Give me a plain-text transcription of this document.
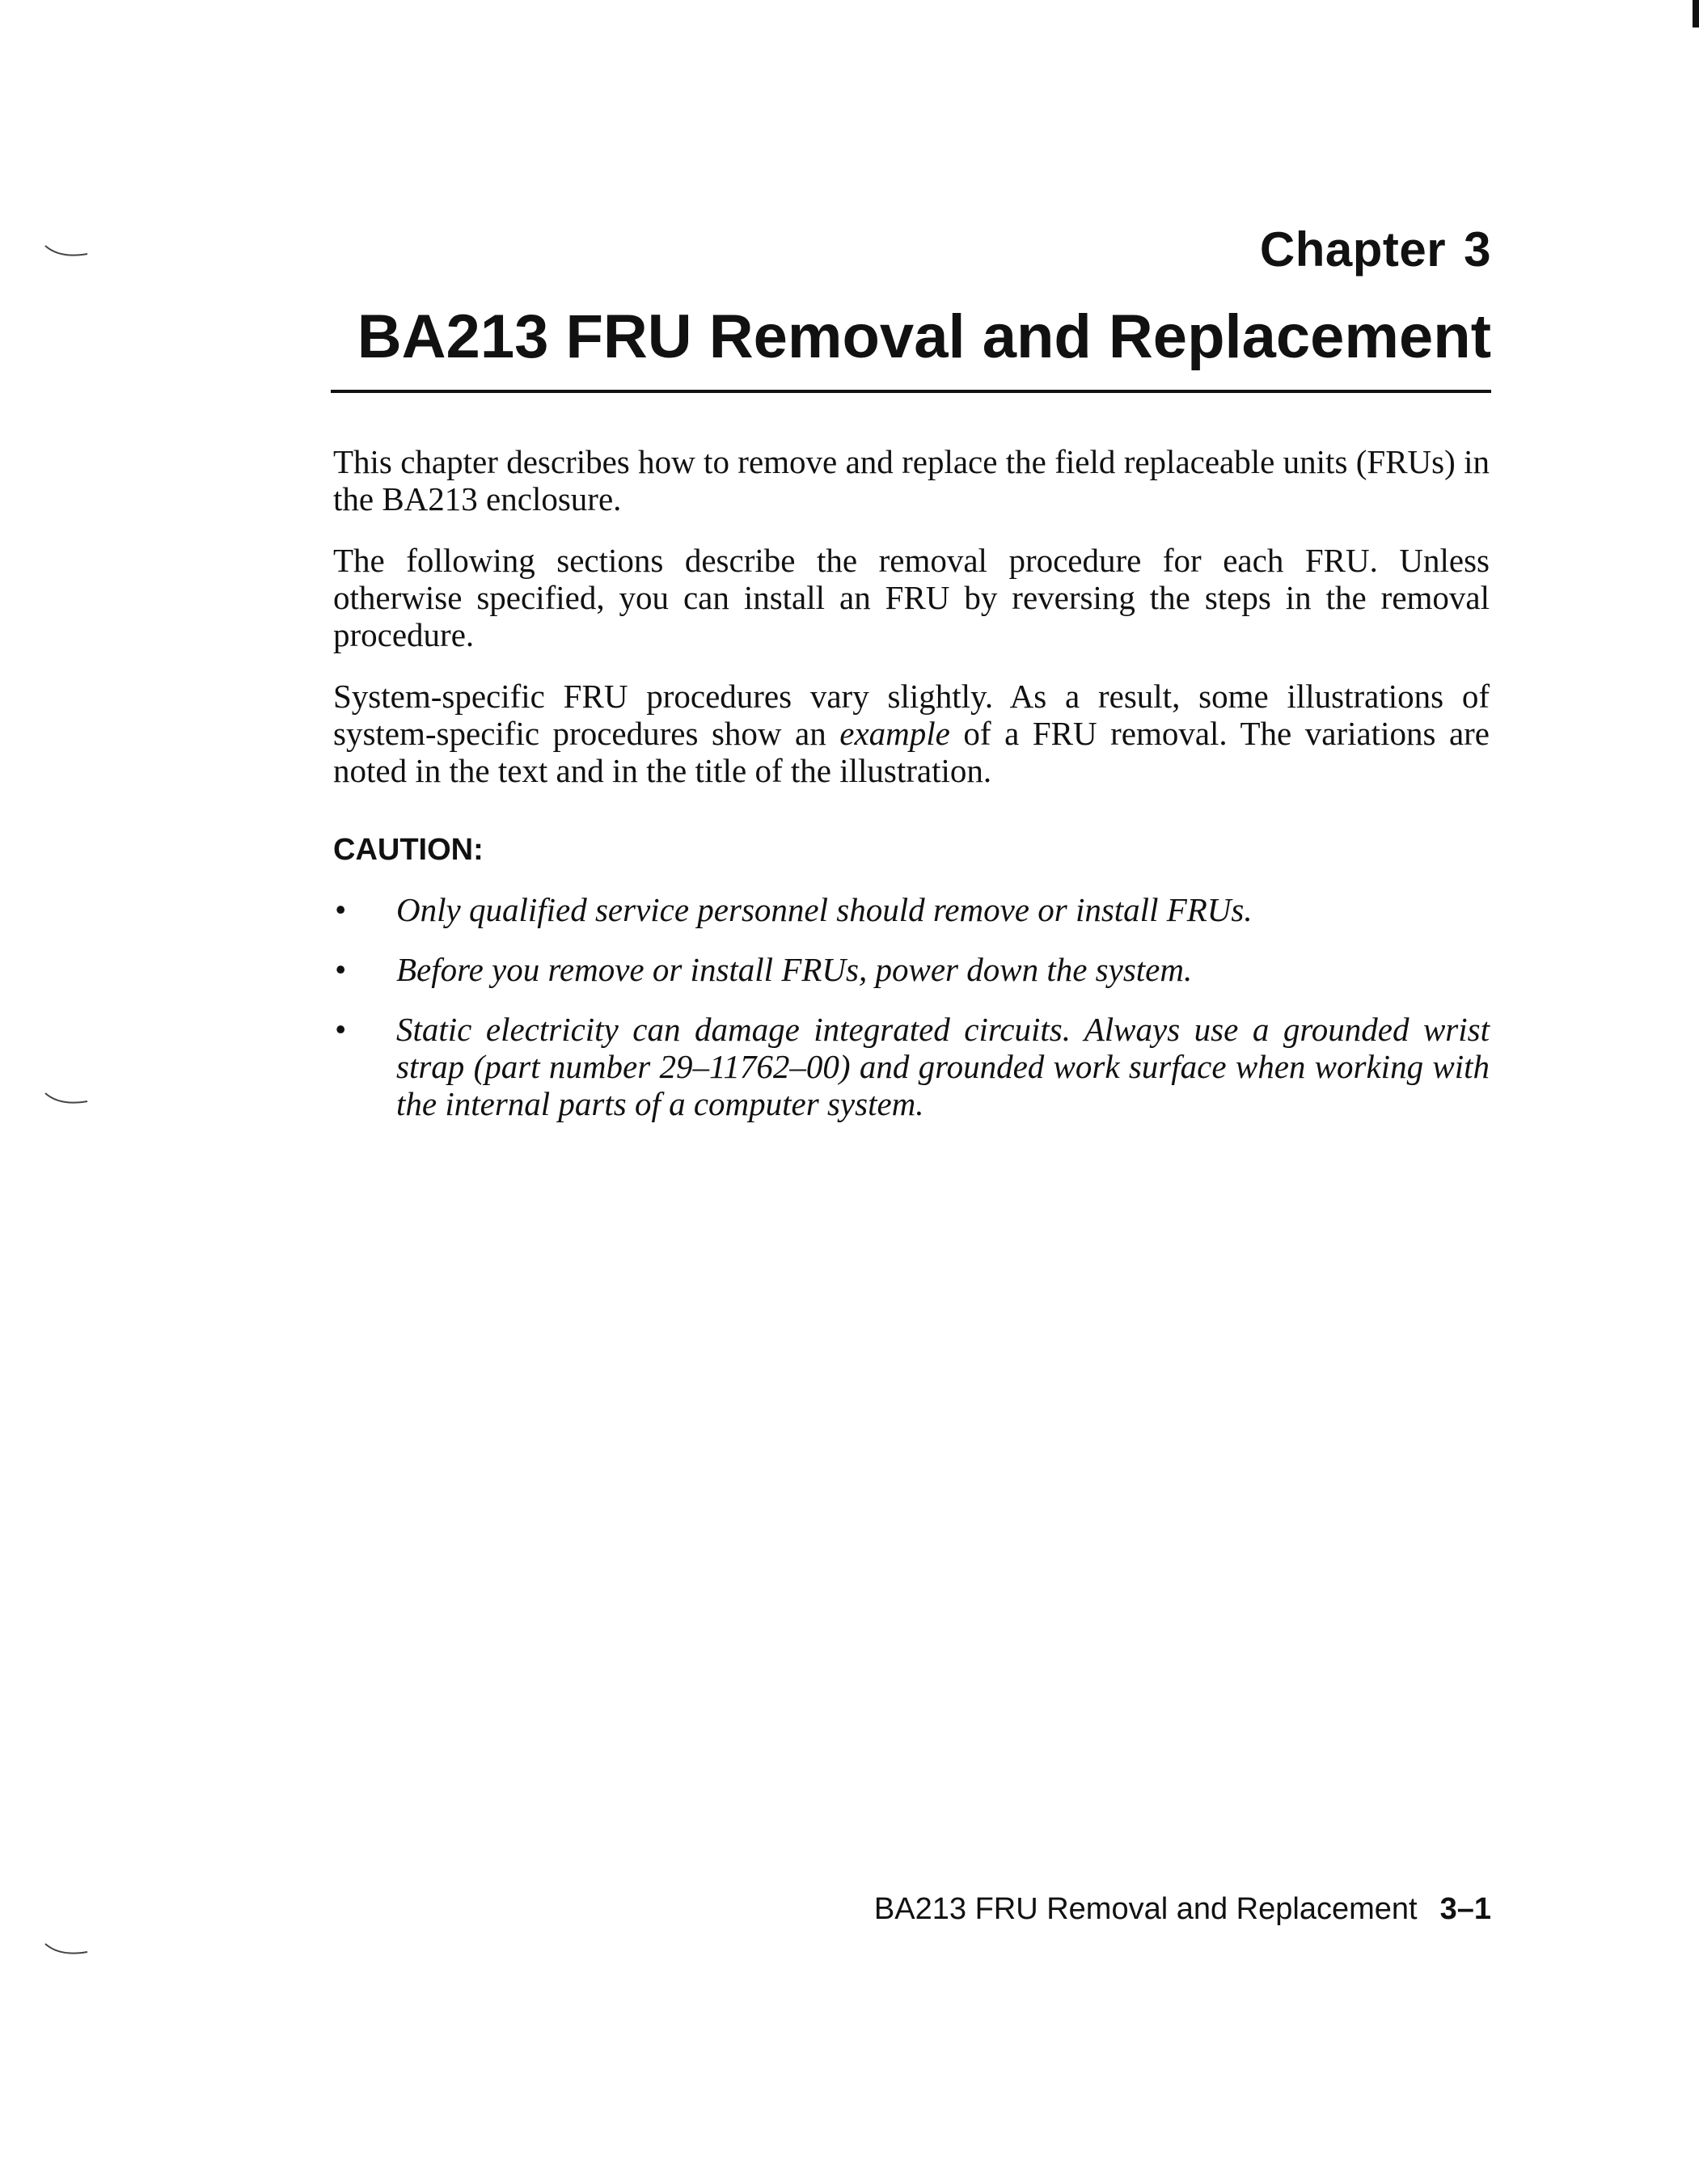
Chapter 3
BA213 FRU Removal and Replacement

This chapter describes how to remove and replace the field replaceable units (FRUs) in the BA213 enclosure.

The following sections describe the removal procedure for each FRU. Unless otherwise specified, you can install an FRU by reversing the steps in the removal procedure.

System-specific FRU procedures vary slightly. As a result, some illustrations of system-specific procedures show an example of a FRU removal. The variations are noted in the text and in the title of the illustration.

CAUTION:
• Only qualified service personnel should remove or install FRUs.
• Before you remove or install FRUs, power down the system.
• Static electricity can damage integrated circuits. Always use a grounded wrist strap (part number 29–11762–00) and grounded work surface when working with the internal parts of a computer system.
BA213 FRU Removal and Replacement 3–1
